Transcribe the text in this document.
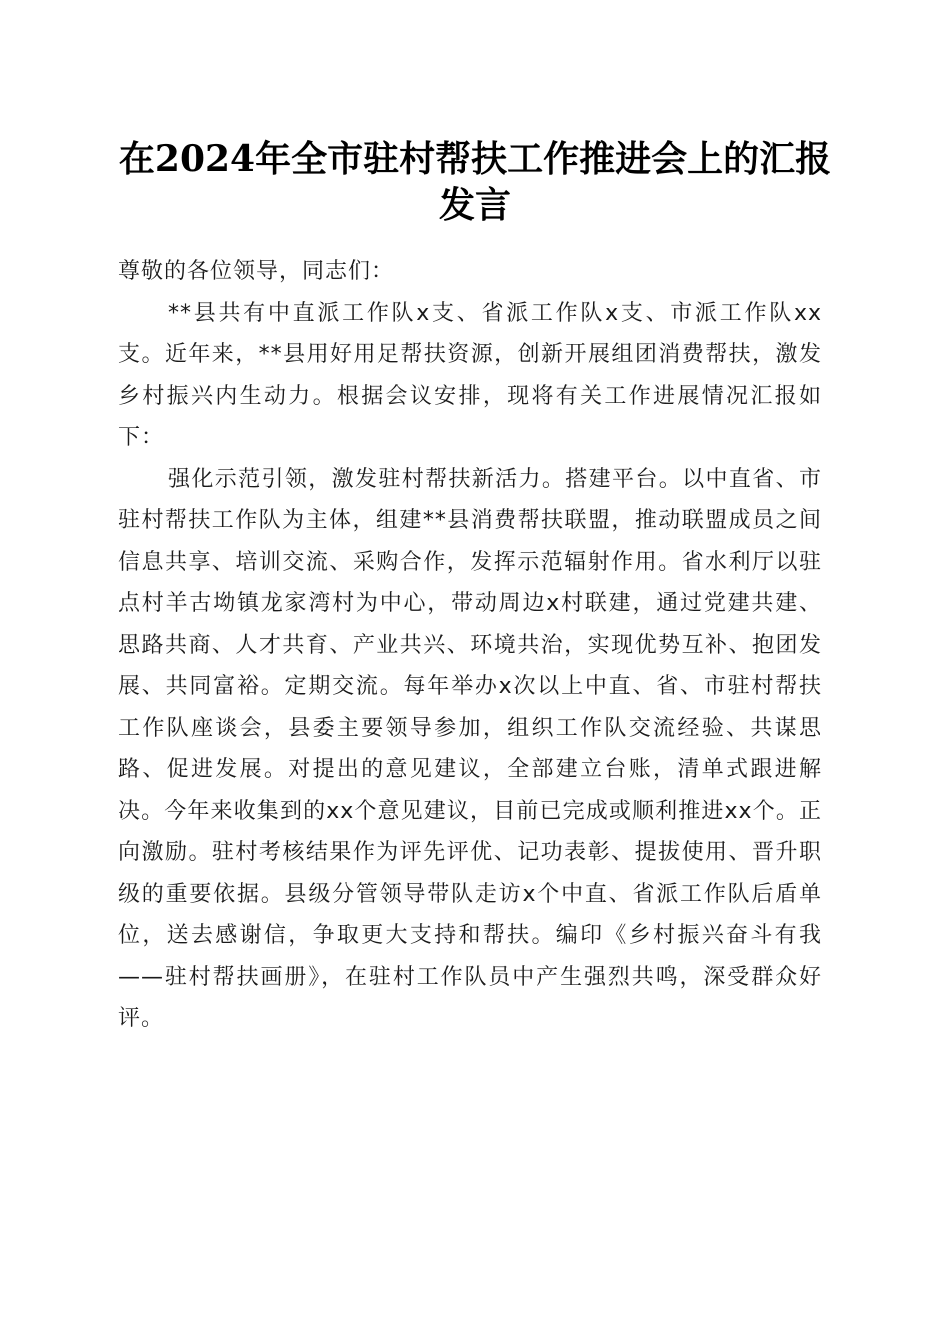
在2024年全市驻村帮扶工作推进会上的汇报发言

尊敬的各位领导，同志们：

**县共有中直派工作队x支、省派工作队x支、市派工作队xx支。近年来，**县用好用足帮扶资源，创新开展组团消费帮扶，激发乡村振兴内生动力。根据会议安排，现将有关工作进展情况汇报如下：

强化示范引领，激发驻村帮扶新活力。搭建平台。以中直省、市驻村帮扶工作队为主体，组建**县消费帮扶联盟，推动联盟成员之间信息共享、培训交流、采购合作，发挥示范辐射作用。省水利厅以驻点村羊古坳镇龙家湾村为中心，带动周边x村联建，通过党建共建、思路共商、人才共育、产业共兴、环境共治，实现优势互补、抱团发展、共同富裕。定期交流。每年举办x次以上中直、省、市驻村帮扶工作队座谈会，县委主要领导参加，组织工作队交流经验、共谋思路、促进发展。对提出的意见建议，全部建立台账，清单式跟进解决。今年来收集到的xx个意见建议，目前已完成或顺利推进xx个。正向激励。驻村考核结果作为评先评优、记功表彰、提拔使用、晋升职级的重要依据。县级分管领导带队走访x个中直、省派工作队后盾单位，送去感谢信，争取更大支持和帮扶。编印《乡村振兴奋斗有我——驻村帮扶画册》，在驻村工作队员中产生强烈共鸣，深受群众好评。
